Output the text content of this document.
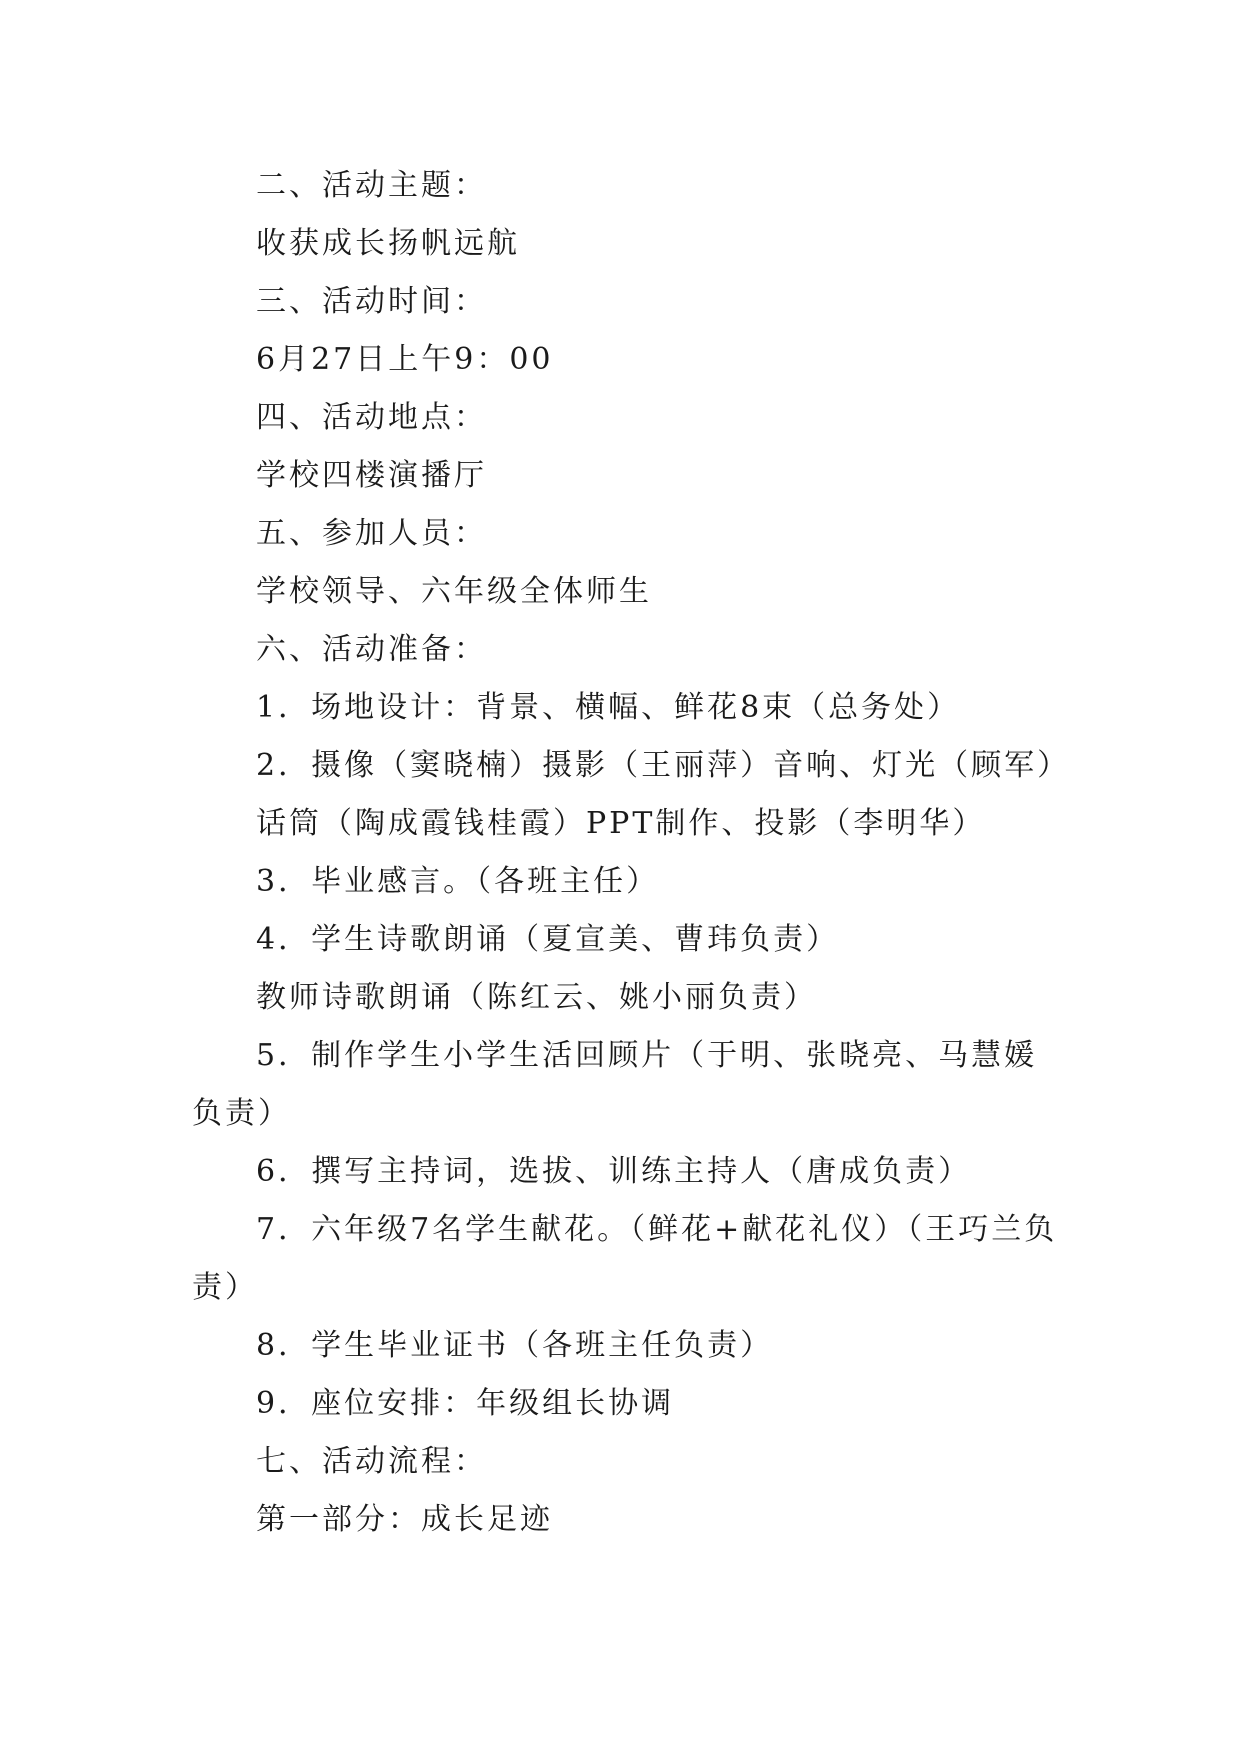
二、活动主题：
收获成长扬帆远航
三、活动时间：
6月27日上午9：00
四、活动地点：
学校四楼演播厅
五、参加人员：
学校领导、六年级全体师生
六、活动准备：
1．场地设计：背景、横幅、鲜花8束（总务处）
2．摄像（窦晓楠）摄影（王丽萍）音响、灯光（顾军）
话筒（陶成霞钱桂霞）PPT制作、投影（李明华）
3．毕业感言。（各班主任）
4．学生诗歌朗诵（夏宣美、曹玮负责）
教师诗歌朗诵（陈红云、姚小丽负责）
5．制作学生小学生活回顾片（于明、张晓亮、马慧媛
负责）
6．撰写主持词，选拔、训练主持人（唐成负责）
7．六年级7名学生献花。（鲜花+献花礼仪）（王巧兰负
责）
8．学生毕业证书（各班主任负责）
9．座位安排：年级组长协调
七、活动流程：
第一部分：成长足迹
